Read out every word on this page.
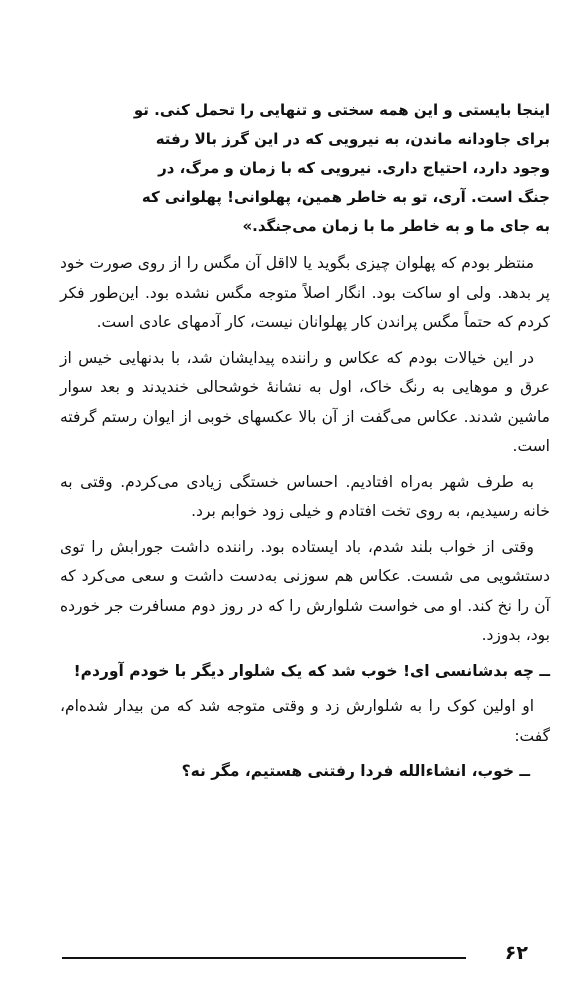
اینجا بایستی و این همه سختی و تنهایی را تحمل کنی. تو

برای جاودانه ماندن، به نیرویی که در این گرز بالا رفته

وجود دارد، احتیاج داری. نیرویی که با زمان و مرگ، در

جنگ است. آری، تو به خاطر همین، پهلوانی! پهلوانی که

به جای ما و به خاطر ما با زمان می‌جنگد.»

منتظر بودم که پهلوان چیزی بگوید یا لااقل آن مگس را از روی صورت خود پر بدهد. ولی او ساکت بود. انگار اصلاً متوجه مگس نشده بود. این‌طور فکر کردم که حتماً مگس پراندن کار پهلوانان نیست، کار آدمهای عادی است.

در این خیالات بودم که عکاس و راننده پیدایشان شد، با بدنهایی خیس از عرق و موهایی به رنگ خاک، اول به نشانهٔ خوشحالی خندیدند و بعد سوار ماشین شدند. عکاس می‌گفت از آن بالا عکسهای خوبی از ایوان رستم گرفته است.

به طرف شهر به‌راه افتادیم. احساس خستگی زیادی می‌کردم. وقتی به خانه رسیدیم، به روی تخت افتادم و خیلی زود خوابم برد.

وقتی از خواب بلند شدم، باد ایستاده بود. راننده داشت جورابش را توی دستشویی می شست. عکاس هم سوزنی به‌دست داشت و سعی می‌کرد که آن را نخ کند. او می خواست شلوارش را که در روز دوم مسافرت جر خورده بود، بدوزد.

ــ چه بدشانسی ای! خوب شد که یک شلوار دیگر با خودم آوردم!

او اولین کوک را به شلوارش زد و وقتی متوجه شد که من بیدار شده‌ام، گفت:

ــ خوب، انشاءالله فردا رفتنی هستیم، مگر نه؟

۶۲
